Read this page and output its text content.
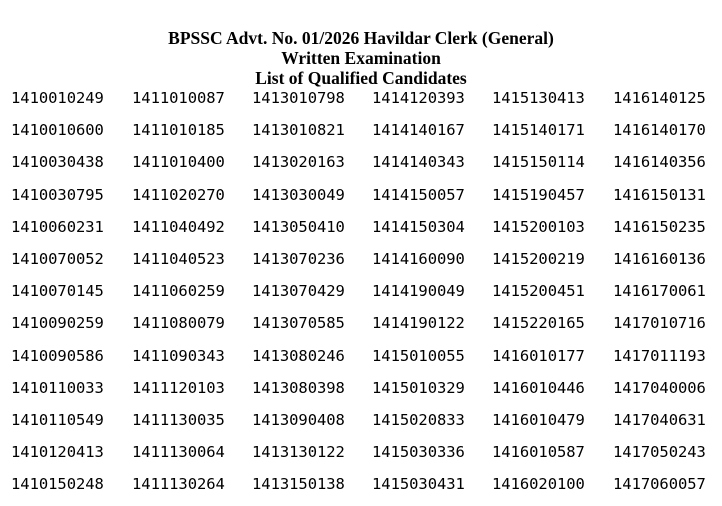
BPSSC Advt. No. 01/2026 Havildar Clerk (General)
Written Examination
List of Qualified Candidates
1410010249 1411010087 1413010798 1414120393 1415130413 1416140125
1410010600 1411010185 1413010821 1414140167 1415140171 1416140170
1410030438 1411010400 1413020163 1414140343 1415150114 1416140356
1410030795 1411020270 1413030049 1414150057 1415190457 1416150131
1410060231 1411040492 1413050410 1414150304 1415200103 1416150235
1410070052 1411040523 1413070236 1414160090 1415200219 1416160136
1410070145 1411060259 1413070429 1414190049 1415200451 1416170061
1410090259 1411080079 1413070585 1414190122 1415220165 1417010716
1410090586 1411090343 1413080246 1415010055 1416010177 1417011193
1410110033 1411120103 1413080398 1415010329 1416010446 1417040006
1410110549 1411130035 1413090408 1415020833 1416010479 1417040631
1410120413 1411130064 1413130122 1415030336 1416010587 1417050243
1410150248 1411130264 1413150138 1415030431 1416020100 1417060057
